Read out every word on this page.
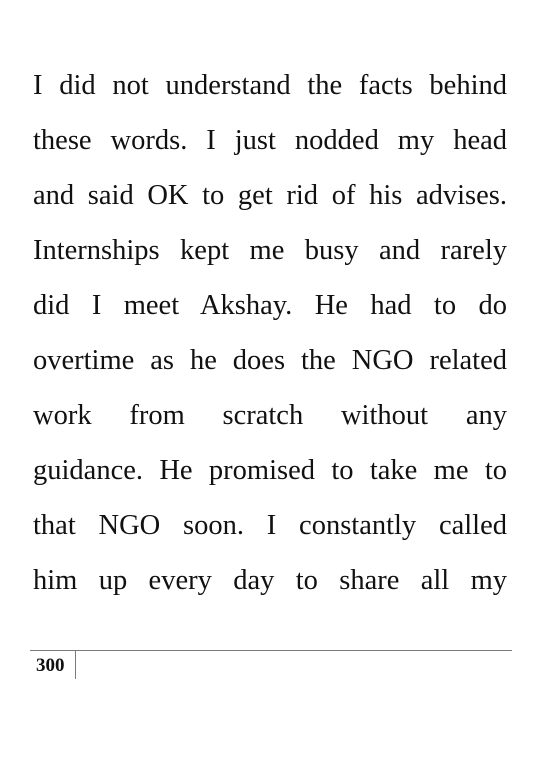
I did not understand the facts behind
these words. I just nodded my head
and said OK to get rid of his advises.
Internships kept me busy and rarely
did I meet Akshay. He had to do
overtime as he does the NGO related
work from scratch without any
guidance. He promised to take me to
that NGO soon. I constantly called
him up every day to share all my
300
